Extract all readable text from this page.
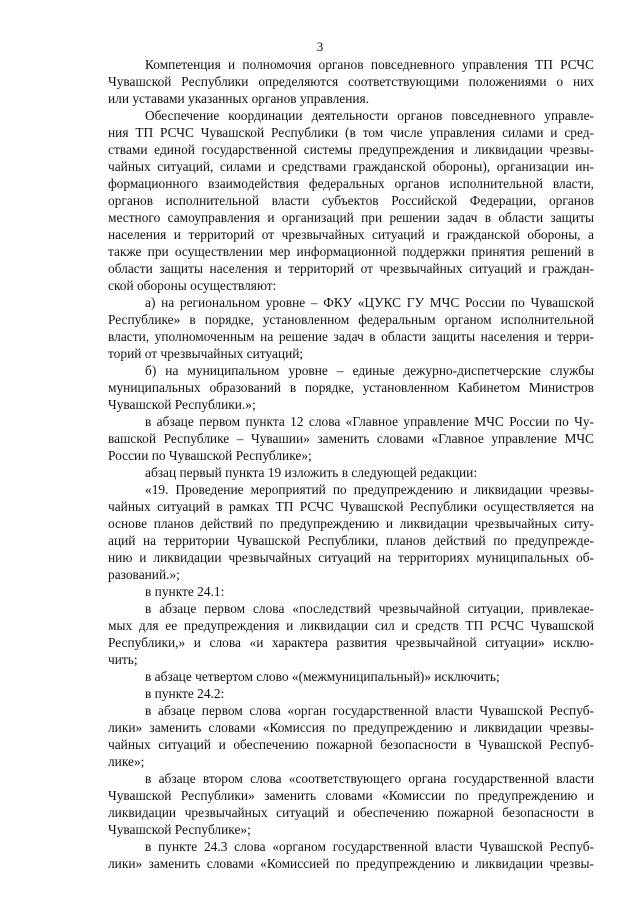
3
Компетенция и полномочия органов повседневного управления ТП РСЧС
Чувашской Республики определяются соответствующими положениями о них
или уставами указанных органов управления.
Обеспечение координации деятельности органов повседневного управле-
ния ТП РСЧС Чувашской Республики (в том числе управления силами и сред-
ствами единой государственной системы предупреждения и ликвидации чрезвы-
чайных ситуаций, силами и средствами гражданской обороны), организации ин-
формационного взаимодействия федеральных органов исполнительной власти,
органов исполнительной власти субъектов Российской Федерации, органов
местного самоуправления и организаций при решении задач в области защиты
населения и территорий от чрезвычайных ситуаций и гражданской обороны, а
также при осуществлении мер информационной поддержки принятия решений в
области защиты населения и территорий от чрезвычайных ситуаций и граждан-
ской обороны осуществляют:
а) на региональном уровне – ФКУ «ЦУКС ГУ МЧС России по Чувашской
Республике» в порядке, установленном федеральным органом исполнительной
власти, уполномоченным на решение задач в области защиты населения и терри-
торий от чрезвычайных ситуаций;
б) на муниципальном уровне – единые дежурно-диспетчерские службы
муниципальных образований в порядке, установленном Кабинетом Министров
Чувашской Республики.»;
в абзаце первом пункта 12 слова «Главное управление МЧС России по Чу-
вашской Республике – Чувашии» заменить словами «Главное управление МЧС
России по Чувашской Республике»;
абзац первый пункта 19 изложить в следующей редакции:
«19. Проведение мероприятий по предупреждению и ликвидации чрезвы-
чайных ситуаций в рамках ТП РСЧС Чувашской Республики осуществляется на
основе планов действий по предупреждению и ликвидации чрезвычайных ситу-
аций на территории Чувашской Республики, планов действий по предупрежде-
нию и ликвидации чрезвычайных ситуаций на территориях муниципальных об-
разований.»;
в пункте 24.1:
в абзаце первом слова «последствий чрезвычайной ситуации, привлекае-
мых для ее предупреждения и ликвидации сил и средств ТП РСЧС Чувашской
Республики,» и слова «и характера развития чрезвычайной ситуации» исклю-
чить;
в абзаце четвертом слово «(межмуниципальный)» исключить;
в пункте 24.2:
в абзаце первом слова «орган государственной власти Чувашской Респуб-
лики» заменить словами «Комиссия по предупреждению и ликвидации чрезвы-
чайных ситуаций и обеспечению пожарной безопасности в Чувашской Респуб-
лике»;
в абзаце втором слова «соответствующего органа государственной власти
Чувашской Республики» заменить словами «Комиссии по предупреждению и
ликвидации чрезвычайных ситуаций и обеспечению пожарной безопасности в
Чувашской Республике»;
в пункте 24.3 слова «органом государственной власти Чувашской Респуб-
лики» заменить словами «Комиссией по предупреждению и ликвидации чрезвы-
